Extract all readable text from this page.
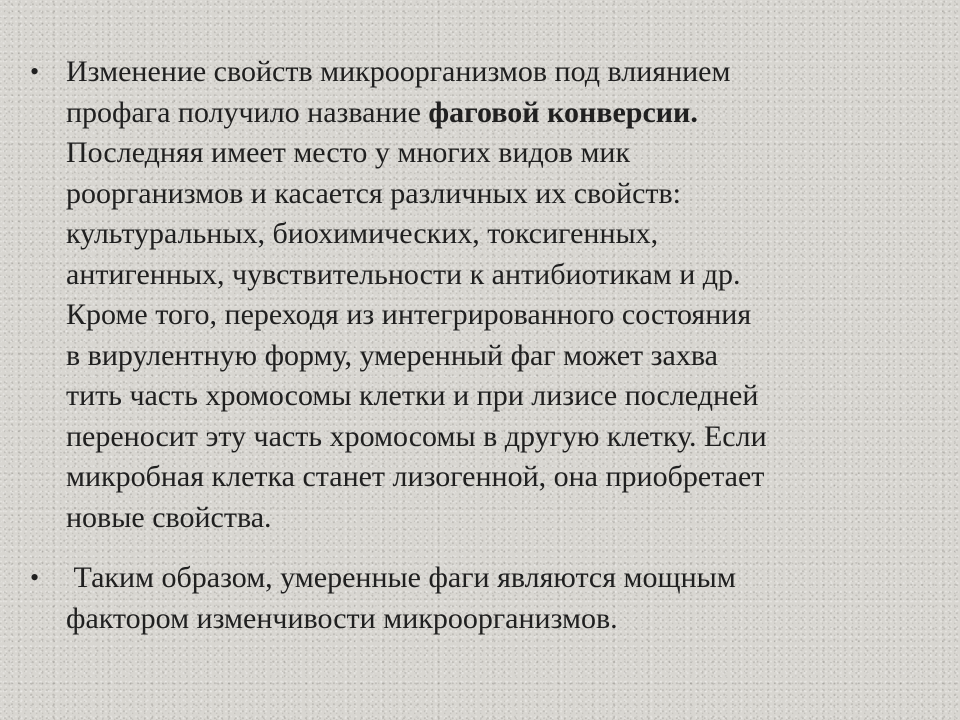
• Изменение свойств микроорганизмов под влиянием
профага получило название фаговой конверсии.
Последняя имеет место у многих видов мик
роорганизмов и касается различных их свойств:
культуральных, биохимических, токсигенных,
антигенных, чувствительности к антибиотикам и др.
Кроме того, переходя из интегрированного состояния
в вирулентную форму, умеренный фаг может захва
тить часть хромосомы клетки и при лизисе последней
переносит эту часть хромосомы в другую клетку. Если
микробная клетка станет лизогенной, она приобретает
новые свойства.
• Таким образом, умеренные фаги являются мощным
фактором изменчивости микроорганизмов.
